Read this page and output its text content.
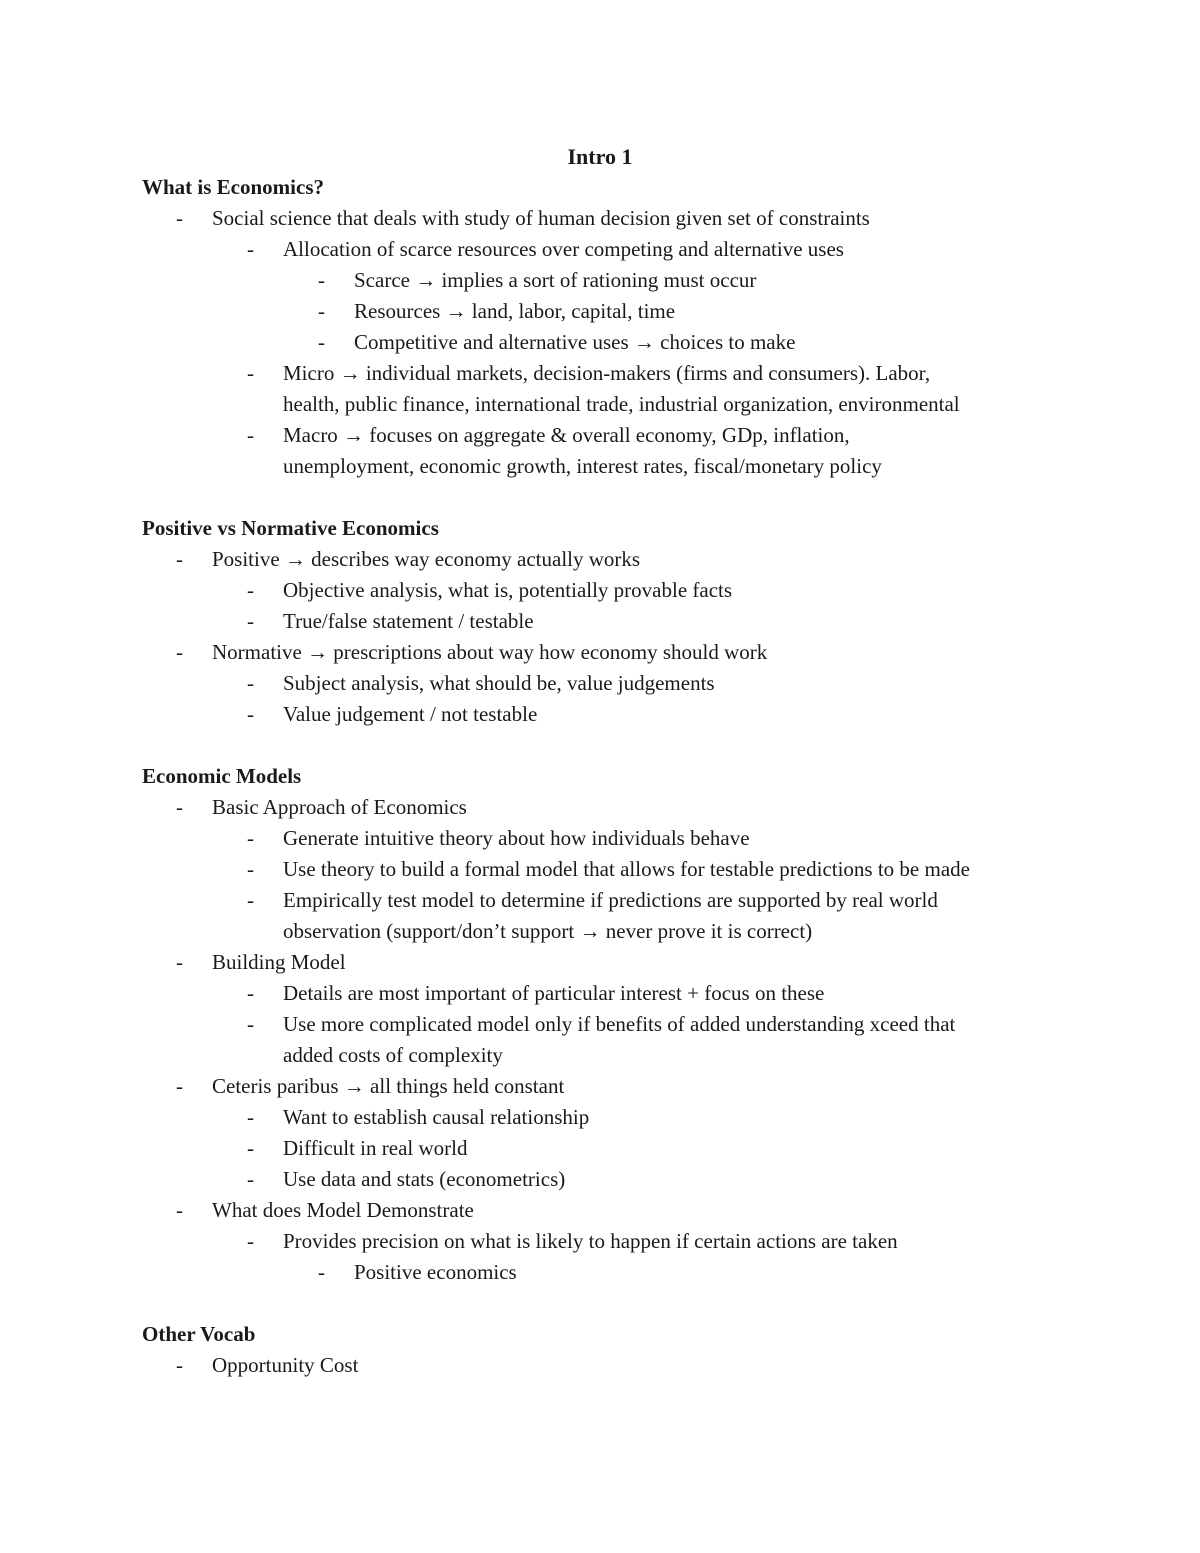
Intro 1
What is Economics?
- Social science that deals with study of human decision given set of constraints
- Allocation of scarce resources over competing and alternative uses
- Scarce → implies a sort of rationing must occur
- Resources → land, labor, capital, time
- Competitive and alternative uses → choices to make
- Micro → individual markets, decision-makers (firms and consumers). Labor,
health, public finance, international trade, industrial organization, environmental
- Macro → focuses on aggregate & overall economy, GDp, inflation,
unemployment, economic growth, interest rates, fiscal/monetary policy
Positive vs Normative Economics
- Positive → describes way economy actually works
- Objective analysis, what is, potentially provable facts
- True/false statement / testable
- Normative → prescriptions about way how economy should work
- Subject analysis, what should be, value judgements
- Value judgement / not testable
Economic Models
- Basic Approach of Economics
- Generate intuitive theory about how individuals behave
- Use theory to build a formal model that allows for testable predictions to be made
- Empirically test model to determine if predictions are supported by real world
observation (support/don’t support → never prove it is correct)
- Building Model
- Details are most important of particular interest + focus on these
- Use more complicated model only if benefits of added understanding xceed that
added costs of complexity
- Ceteris paribus → all things held constant
- Want to establish causal relationship
- Difficult in real world
- Use data and stats (econometrics)
- What does Model Demonstrate
- Provides precision on what is likely to happen if certain actions are taken
- Positive economics
Other Vocab
- Opportunity Cost
